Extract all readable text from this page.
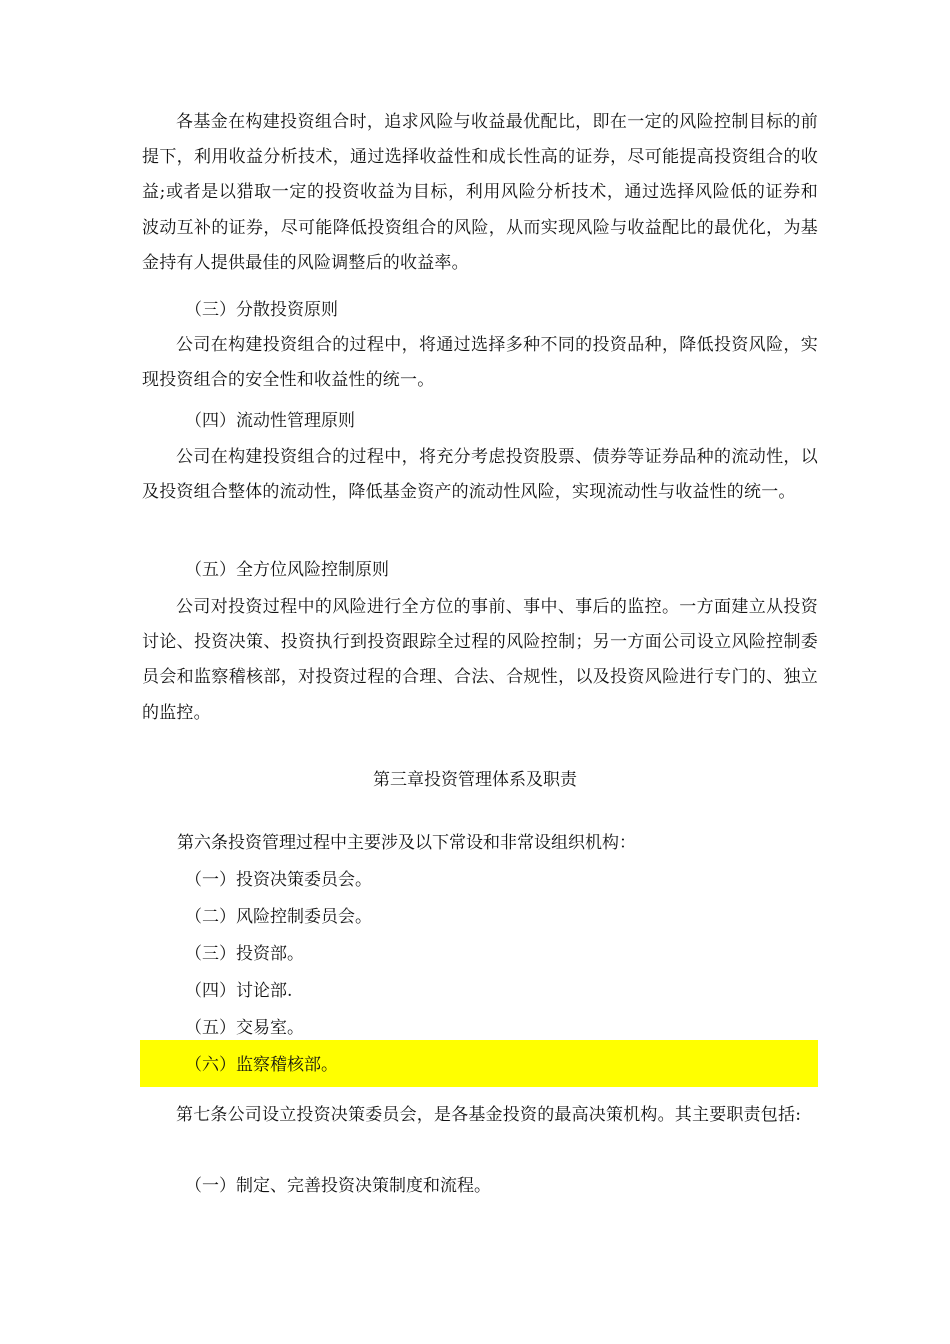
各基金在构建投资组合时，追求风险与收益最优配比，即在一定的风险控制目标的前提下，利用收益分析技术，通过选择收益性和成长性高的证券，尽可能提高投资组合的收益;或者是以猎取一定的投资收益为目标，利用风险分析技术，通过选择风险低的证券和波动互补的证券，尽可能降低投资组合的风险，从而实现风险与收益配比的最优化，为基金持有人提供最佳的风险调整后的收益率。
（三）分散投资原则
公司在构建投资组合的过程中，将通过选择多种不同的投资品种，降低投资风险，实现投资组合的安全性和收益性的统一。
（四）流动性管理原则
公司在构建投资组合的过程中，将充分考虑投资股票、债券等证券品种的流动性，以及投资组合整体的流动性，降低基金资产的流动性风险，实现流动性与收益性的统一。
（五）全方位风险控制原则
公司对投资过程中的风险进行全方位的事前、事中、事后的监控。一方面建立从投资讨论、投资决策、投资执行到投资跟踪全过程的风险控制；另一方面公司设立风险控制委员会和监察稽核部，对投资过程的合理、合法、合规性，以及投资风险进行专门的、独立的监控。
第三章投资管理体系及职责
第六条投资管理过程中主要涉及以下常设和非常设组织机构：
（一）投资决策委员会。
（二）风险控制委员会。
（三）投资部。
（四）讨论部.
（五）交易室。
（六）监察稽核部。
第七条公司设立投资决策委员会，是各基金投资的最高决策机构。其主要职责包括:
（一）制定、完善投资决策制度和流程。
